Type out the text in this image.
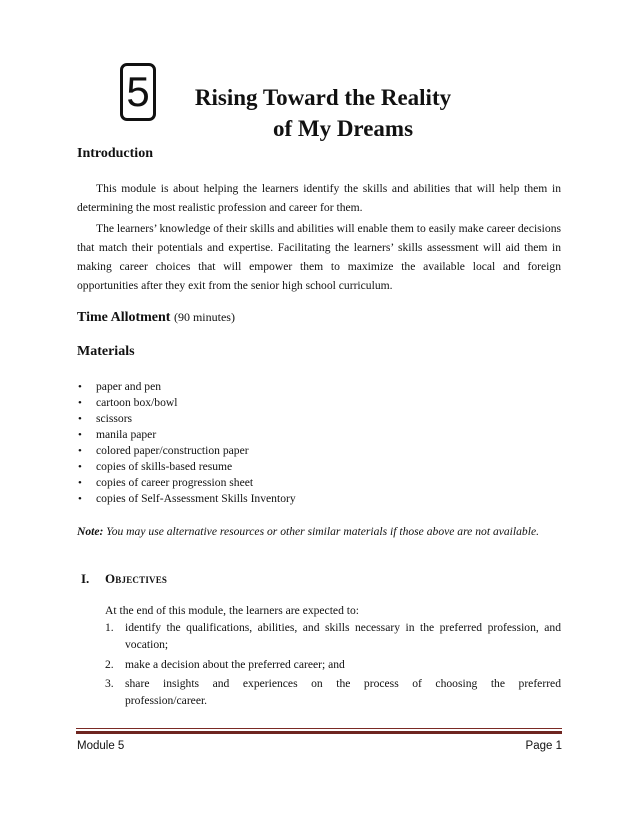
5	Rising Toward the Reality
of My Dreams
Introduction

This module is about helping the learners identify the skills and abilities that will help them in determining the most realistic profession and career for them.

The learners’ knowledge of their skills and abilities will enable them to easily make career decisions that match their potentials and expertise. Facilitating the learners’ skills assessment will aid them in making career choices that will empower them to maximize the available local and foreign opportunities after they exit from the senior high school curriculum.

Time Allotment (90 minutes)
Materials
• paper and pen
• cartoon box/bowl
• scissors
• manila paper
• colored paper/construction paper
• copies of skills-based resume
• copies of career progression sheet
• copies of Self-Assessment Skills Inventory

Note: You may use alternative resources or other similar materials if those above are not available.

I. Objectives
At the end of this module, the learners are expected to:
1. identify the qualifications, abilities, and skills necessary in the preferred profession, and vocation;
2. make a decision about the preferred career; and
3. share insights and experiences on the process of choosing the preferred profession/career.
Module 5	Page 1
